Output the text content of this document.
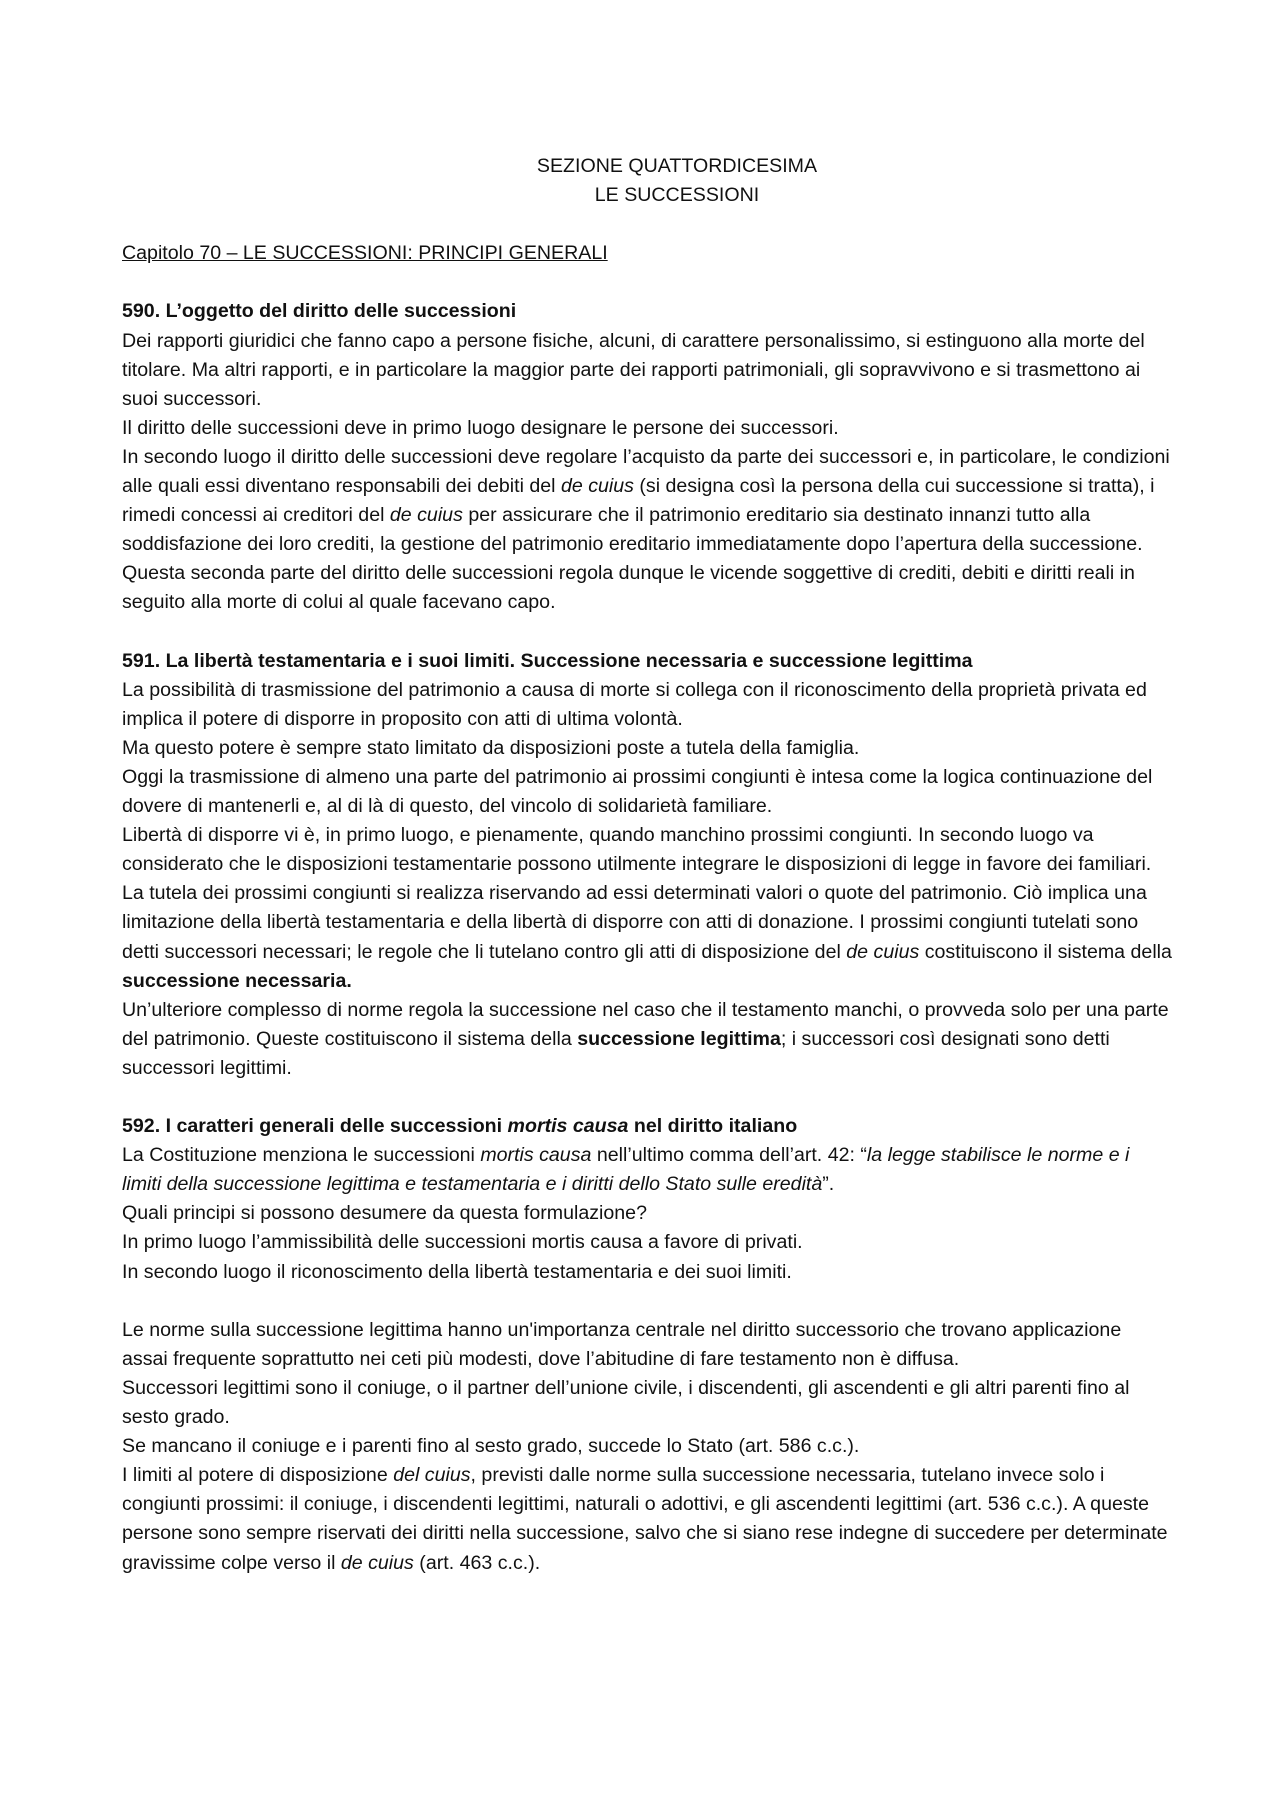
SEZIONE QUATTORDICESIMA

LE SUCCESSIONI

Capitolo 70 – LE SUCCESSIONI: PRINCIPI GENERALI

590. L’oggetto del diritto delle successioni

Dei rapporti giuridici che fanno capo a persone fisiche, alcuni, di carattere personalissimo, si estinguono alla morte del titolare. Ma altri rapporti, e in particolare la maggior parte dei rapporti patrimoniali, gli sopravvivono e si trasmettono ai suoi successori.

Il diritto delle successioni deve in primo luogo designare le persone dei successori.

In secondo luogo il diritto delle successioni deve regolare l’acquisto da parte dei successori e, in particolare, le condizioni alle quali essi diventano responsabili dei debiti del de cuius (si designa così la persona della cui successione si tratta), i rimedi concessi ai creditori del de cuius per assicurare che il patrimonio ereditario sia destinato innanzi tutto alla soddisfazione dei loro crediti, la gestione del patrimonio ereditario immediatamente dopo l’apertura della successione.

Questa seconda parte del diritto delle successioni regola dunque le vicende soggettive di crediti, debiti e diritti reali in seguito alla morte di colui al quale facevano capo.

591. La libertà testamentaria e i suoi limiti. Successione necessaria e successione legittima

La possibilità di trasmissione del patrimonio a causa di morte si collega con il riconoscimento della proprietà privata ed implica il potere di disporre in proposito con atti di ultima volontà.

Ma questo potere è sempre stato limitato da disposizioni poste a tutela della famiglia.

Oggi la trasmissione di almeno una parte del patrimonio ai prossimi congiunti è intesa come la logica continuazione del dovere di mantenerli e, al di là di questo, del vincolo di solidarietà familiare.

Libertà di disporre vi è, in primo luogo, e pienamente, quando manchino prossimi congiunti. In secondo luogo va considerato che le disposizioni testamentarie possono utilmente integrare le disposizioni di legge in favore dei familiari.

La tutela dei prossimi congiunti si realizza riservando ad essi determinati valori o quote del patrimonio. Ciò implica una limitazione della libertà testamentaria e della libertà di disporre con atti di donazione. I prossimi congiunti tutelati sono detti successori necessari; le regole che li tutelano contro gli atti di disposizione del de cuius costituiscono il sistema della successione necessaria.

Un’ulteriore complesso di norme regola la successione nel caso che il testamento manchi, o provveda solo per una parte del patrimonio. Queste costituiscono il sistema della successione legittima; i successori così designati sono detti successori legittimi.

592. I caratteri generali delle successioni mortis causa nel diritto italiano

La Costituzione menziona le successioni mortis causa nell’ultimo comma dell’art. 42: “la legge stabilisce le norme e i limiti della successione legittima e testamentaria e i diritti dello Stato sulle eredità”.

Quali principi si possono desumere da questa formulazione?

In primo luogo l’ammissibilità delle successioni mortis causa a favore di privati.

In secondo luogo il riconoscimento della libertà testamentaria e dei suoi limiti.

Le norme sulla successione legittima hanno un'importanza centrale nel diritto successorio che trovano applicazione assai frequente soprattutto nei ceti più modesti, dove l’abitudine di fare testamento non è diffusa.

Successori legittimi sono il coniuge, o il partner dell’unione civile, i discendenti, gli ascendenti e gli altri parenti fino al sesto grado.

Se mancano il coniuge e i parenti fino al sesto grado, succede lo Stato (art. 586 c.c.).

I limiti al potere di disposizione del cuius, previsti dalle norme sulla successione necessaria, tutelano invece solo i congiunti prossimi: il coniuge, i discendenti legittimi, naturali o adottivi, e gli ascendenti legittimi (art. 536 c.c.). A queste persone sono sempre riservati dei diritti nella successione, salvo che si siano rese indegne di succedere per determinate gravissime colpe verso il de cuius (art. 463 c.c.).
